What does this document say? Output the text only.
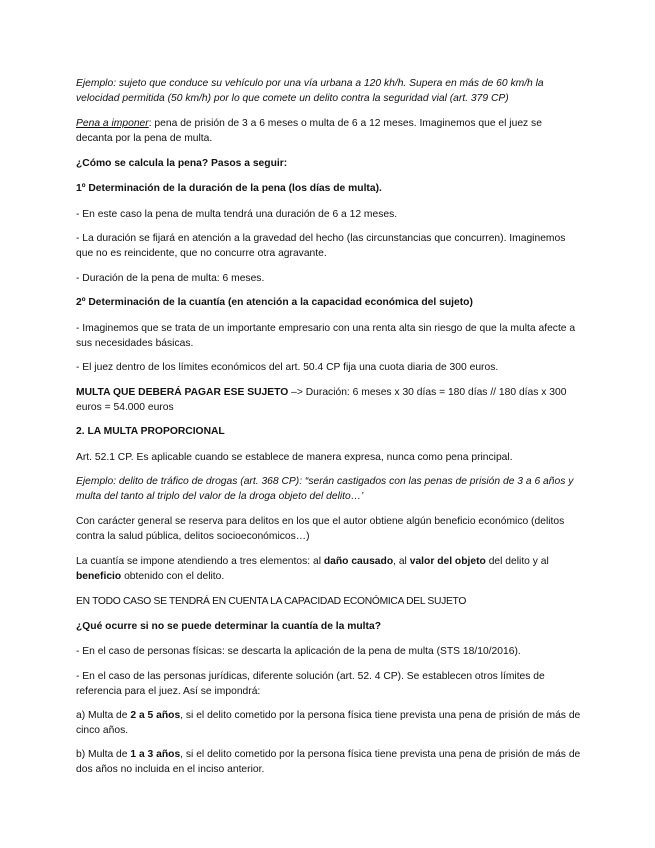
Ejemplo: sujeto que conduce su vehículo por una vía urbana a 120 kh/h. Supera en más de 60 km/h la velocidad permitida (50 km/h) por lo que comete un delito contra la seguridad vial (art. 379 CP)

Pena a imponer: pena de prisión de 3 a 6 meses o multa de 6 a 12 meses. Imaginemos que el juez se decanta por la pena de multa.

¿Cómo se calcula la pena? Pasos a seguir:

1º Determinación de la duración de la pena (los días de multa).

- En este caso la pena de multa tendrá una duración de 6 a 12 meses.

- La duración se fijará en atención a la gravedad del hecho (las circunstancias que concurren). Imaginemos que no es reincidente, que no concurre otra agravante.

- Duración de la pena de multa: 6 meses.

2º Determinación de la cuantía (en atención a la capacidad económica del sujeto)

- Imaginemos que se trata de un importante empresario con una renta alta sin riesgo de que la multa afecte a sus necesidades básicas.

- El juez dentro de los límites económicos del art. 50.4 CP fija una cuota diaria de 300 euros.

MULTA QUE DEBERÁ PAGAR ESE SUJETO –> Duración: 6 meses x 30 días = 180 días // 180 días x 300 euros = 54.000 euros

2. LA MULTA PROPORCIONAL

Art. 52.1 CP. Es aplicable cuando se establece de manera expresa, nunca como pena principal.

Ejemplo: delito de tráfico de drogas (art. 368 CP): “serán castigados con las penas de prisión de 3 a 6 años y multa del tanto al triplo del valor de la droga objeto del delito…’

Con carácter general se reserva para delitos en los que el autor obtiene algún beneficio económico (delitos contra la salud pública, delitos socioeconómicos…)

La cuantía se impone atendiendo a tres elementos: al daño causado, al valor del objeto del delito y al beneficio obtenido con el delito.

EN TODO CASO SE TENDRÁ EN CUENTA LA CAPACIDAD ECONÓMICA DEL SUJETO

¿Qué ocurre si no se puede determinar la cuantía de la multa?

- En el caso de personas físicas: se descarta la aplicación de la pena de multa (STS 18/10/2016).

- En el caso de las personas jurídicas, diferente solución (art. 52. 4 CP). Se establecen otros límites de referencia para el juez. Así se impondrá:

a) Multa de 2 a 5 años, si el delito cometido por la persona física tiene prevista una pena de prisión de más de cinco años.

b) Multa de 1 a 3 años, si el delito cometido por la persona física tiene prevista una pena de prisión de más de dos años no incluida en el inciso anterior.
